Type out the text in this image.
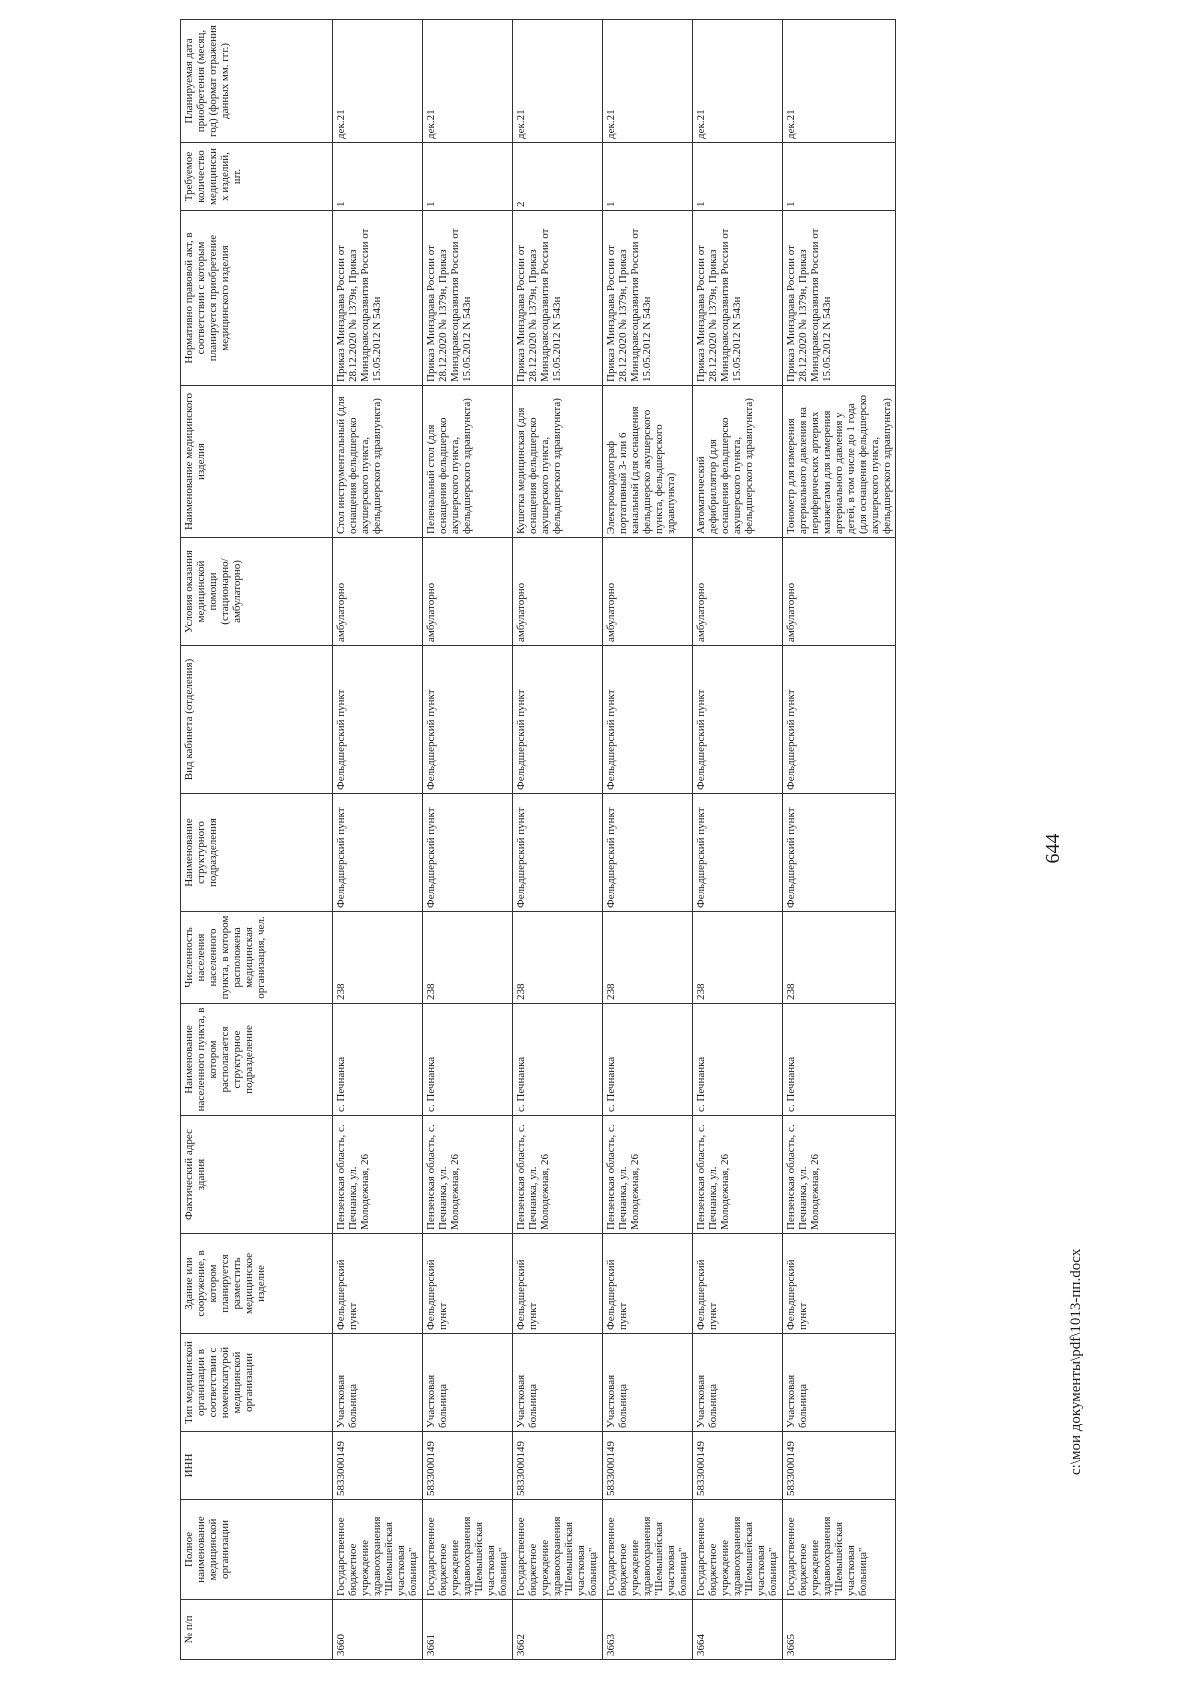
644
№ п/п	Полное наименование медицинской организации	ИНН	Тип медицинской организации в соответствии с номенклатурой медицинской организации	Здание или сооружение, в котором планируется разместить медицинское изделие	Фактический адрес здания	Наименование населенного пункта, в котором располагается структурное подразделение	Численность населения населенного пункта, в котором расположена медицинская организация, чел.	Наименование структурного подразделения	Вид кабинета (отделения)	Условия оказания медицинской помощи (стационарно/ амбулаторно)	Наименование медицинского изделия	Нормативно правовой акт, в соответствии с которым планируется приобретение медицинского изделия	Требуемое количество медицинских изделий, шт.	Планируемая дата приобретения (месяц, год) (формат отражения данных мм. ггг.)
3660	Государственное бюджетное учреждение здравоохранения "Шемышейская участковая больница"	5833000149	Участковая больница	Фельдшерский пункт	Пензенская область, с. Печнанка, ул. Молодежная, 26	с. Печнанка	238	Фельдшерский пункт	Фельдшерский пункт	амбулаторно	Стол инструментальный (для оснащения фельдшерско акушерского пункта, фельдшерского здравпункта)	Приказ Минздрава России от 28.12.2020 № 1379н, Приказ Минздравсоцразвития России от 15.05.2012 N 543н	1	дек.21
3661	Государственное бюджетное учреждение здравоохранения "Шемышейская участковая больница"	5833000149	Участковая больница	Фельдшерский пункт	Пензенская область, с. Печнанка, ул. Молодежная, 26	с. Печнанка	238	Фельдшерский пункт	Фельдшерский пункт	амбулаторно	Пеленальный стол (для оснащения фельдшерско акушерского пункта, фельдшерского здравпункта)	Приказ Минздрава России от 28.12.2020 № 1379н, Приказ Минздравсоцразвития России от 15.05.2012 N 543н	1	дек.21
3662	Государственное бюджетное учреждение здравоохранения "Шемышейская участковая больница"	5833000149	Участковая больница	Фельдшерский пункт	Пензенская область, с. Печнанка, ул. Молодежная, 26	с. Печнанка	238	Фельдшерский пункт	Фельдшерский пункт	амбулаторно	Кушетка медицинская (для оснащения фельдшерско акушерского пункта, фельдшерского здравпункта)	Приказ Минздрава России от 28.12.2020 № 1379н, Приказ Минздравсоцразвития России от 15.05.2012 N 543н	2	дек.21
3663	Государственное бюджетное учреждение здравоохранения "Шемышейская участковая больница"	5833000149	Участковая больница	Фельдшерский пункт	Пензенская область, с. Печнанка, ул. Молодежная, 26	с. Печнанка	238	Фельдшерский пункт	Фельдшерский пункт	амбулаторно	Электрокардиограф портативный 3- или 6 канальный (для оснащения фельдшерско акушерского пункта, фельдшерского здравпункта)	Приказ Минздрава России от 28.12.2020 № 1379н, Приказ Минздравсоцразвития России от 15.05.2012 N 543н	1	дек.21
3664	Государственное бюджетное учреждение здравоохранения "Шемышейская участковая больница"	5833000149	Участковая больница	Фельдшерский пункт	Пензенская область, с. Печнанка, ул. Молодежная, 26	с. Печнанка	238	Фельдшерский пункт	Фельдшерский пункт	амбулаторно	Автоматический дефибриллятор (для оснащения фельдшерско акушерского пункта, фельдшерского здравпункта)	Приказ Минздрава России от 28.12.2020 № 1379н, Приказ Минздравсоцразвития России от 15.05.2012 N 543н	1	дек.21
3665	Государственное бюджетное учреждение здравоохранения "Шемышейская участковая больница"	5833000149	Участковая больница	Фельдшерский пункт	Пензенская область, с. Печнанка, ул. Молодежная, 26	с. Печнанка	238	Фельдшерский пункт	Фельдшерский пункт	амбулаторно	Тонометр для измерения артериального давления на периферических артериях манжетами для измерения артериального давления у детей, в том числе до 1 года (для оснащения фельдшерско акушерского пункта, фельдшерского здравпункта)	Приказ Минздрава России от 28.12.2020 № 1379н, Приказ Минздравсоцразвития России от 15.05.2012 N 543н	1	дек.21
c:\мои документы\pdf\1013-пп.docx
